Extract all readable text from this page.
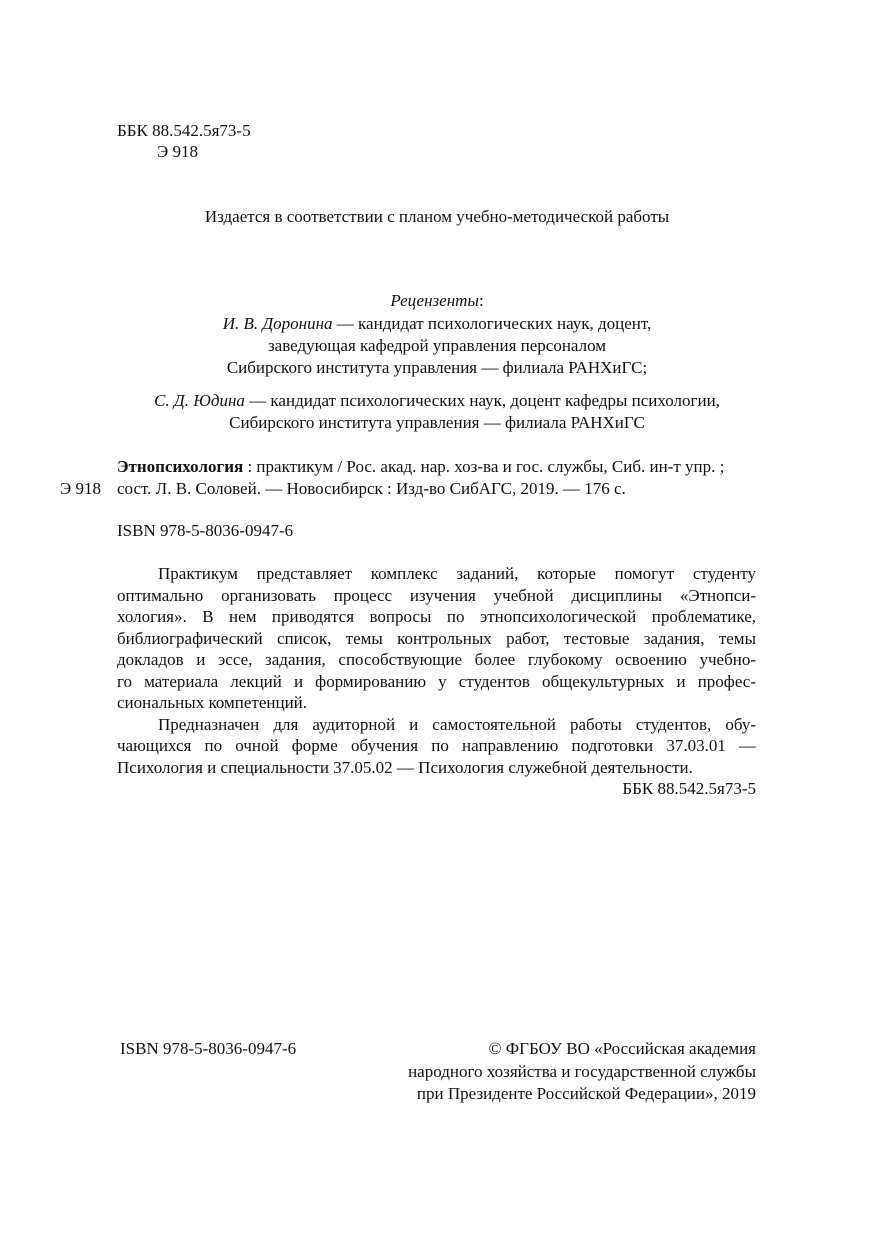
ББК 88.542.5я73-5
Э 918
Издается в соответствии с планом учебно-методической работы
Рецензенты:
И. В. Доронина — кандидат психологических наук, доцент,
заведующая кафедрой управления персоналом
Сибирского института управления — филиала РАНХиГС;
С. Д. Юдина — кандидат психологических наук, доцент кафедры психологии,
Сибирского института управления — филиала РАНХиГС
Этнопсихология : практикум / Рос. акад. нар. хоз-ва и гос. службы, Сиб. ин-т упр. ;
Э 918 сост. Л. В. Соловей. — Новосибирск : Изд-во СибАГС, 2019. — 176 с.
ISBN 978-5-8036-0947-6
Практикум представляет комплекс заданий, которые помогут студенту
оптимально организовать процесс изучения учебной дисциплины «Этнопси-
хология». В нем приводятся вопросы по этнопсихологической проблематике,
библиографический список, темы контрольных работ, тестовые задания, темы
докладов и эссе, задания, способствующие более глубокому освоению учебно-
го материала лекций и формированию у студентов общекультурных и профес-
сиональных компетенций.
Предназначен для аудиторной и самостоятельной работы студентов, обу-
чающихся по очной форме обучения по направлению подготовки 37.03.01 —
Психология и специальности 37.05.02 — Психология служебной деятельности.
ББК 88.542.5я73-5
ISBN 978-5-8036-0947-6	© ФГБОУ ВО «Российская академия
народного хозяйства и государственной службы
при Президенте Российской Федерации», 2019
